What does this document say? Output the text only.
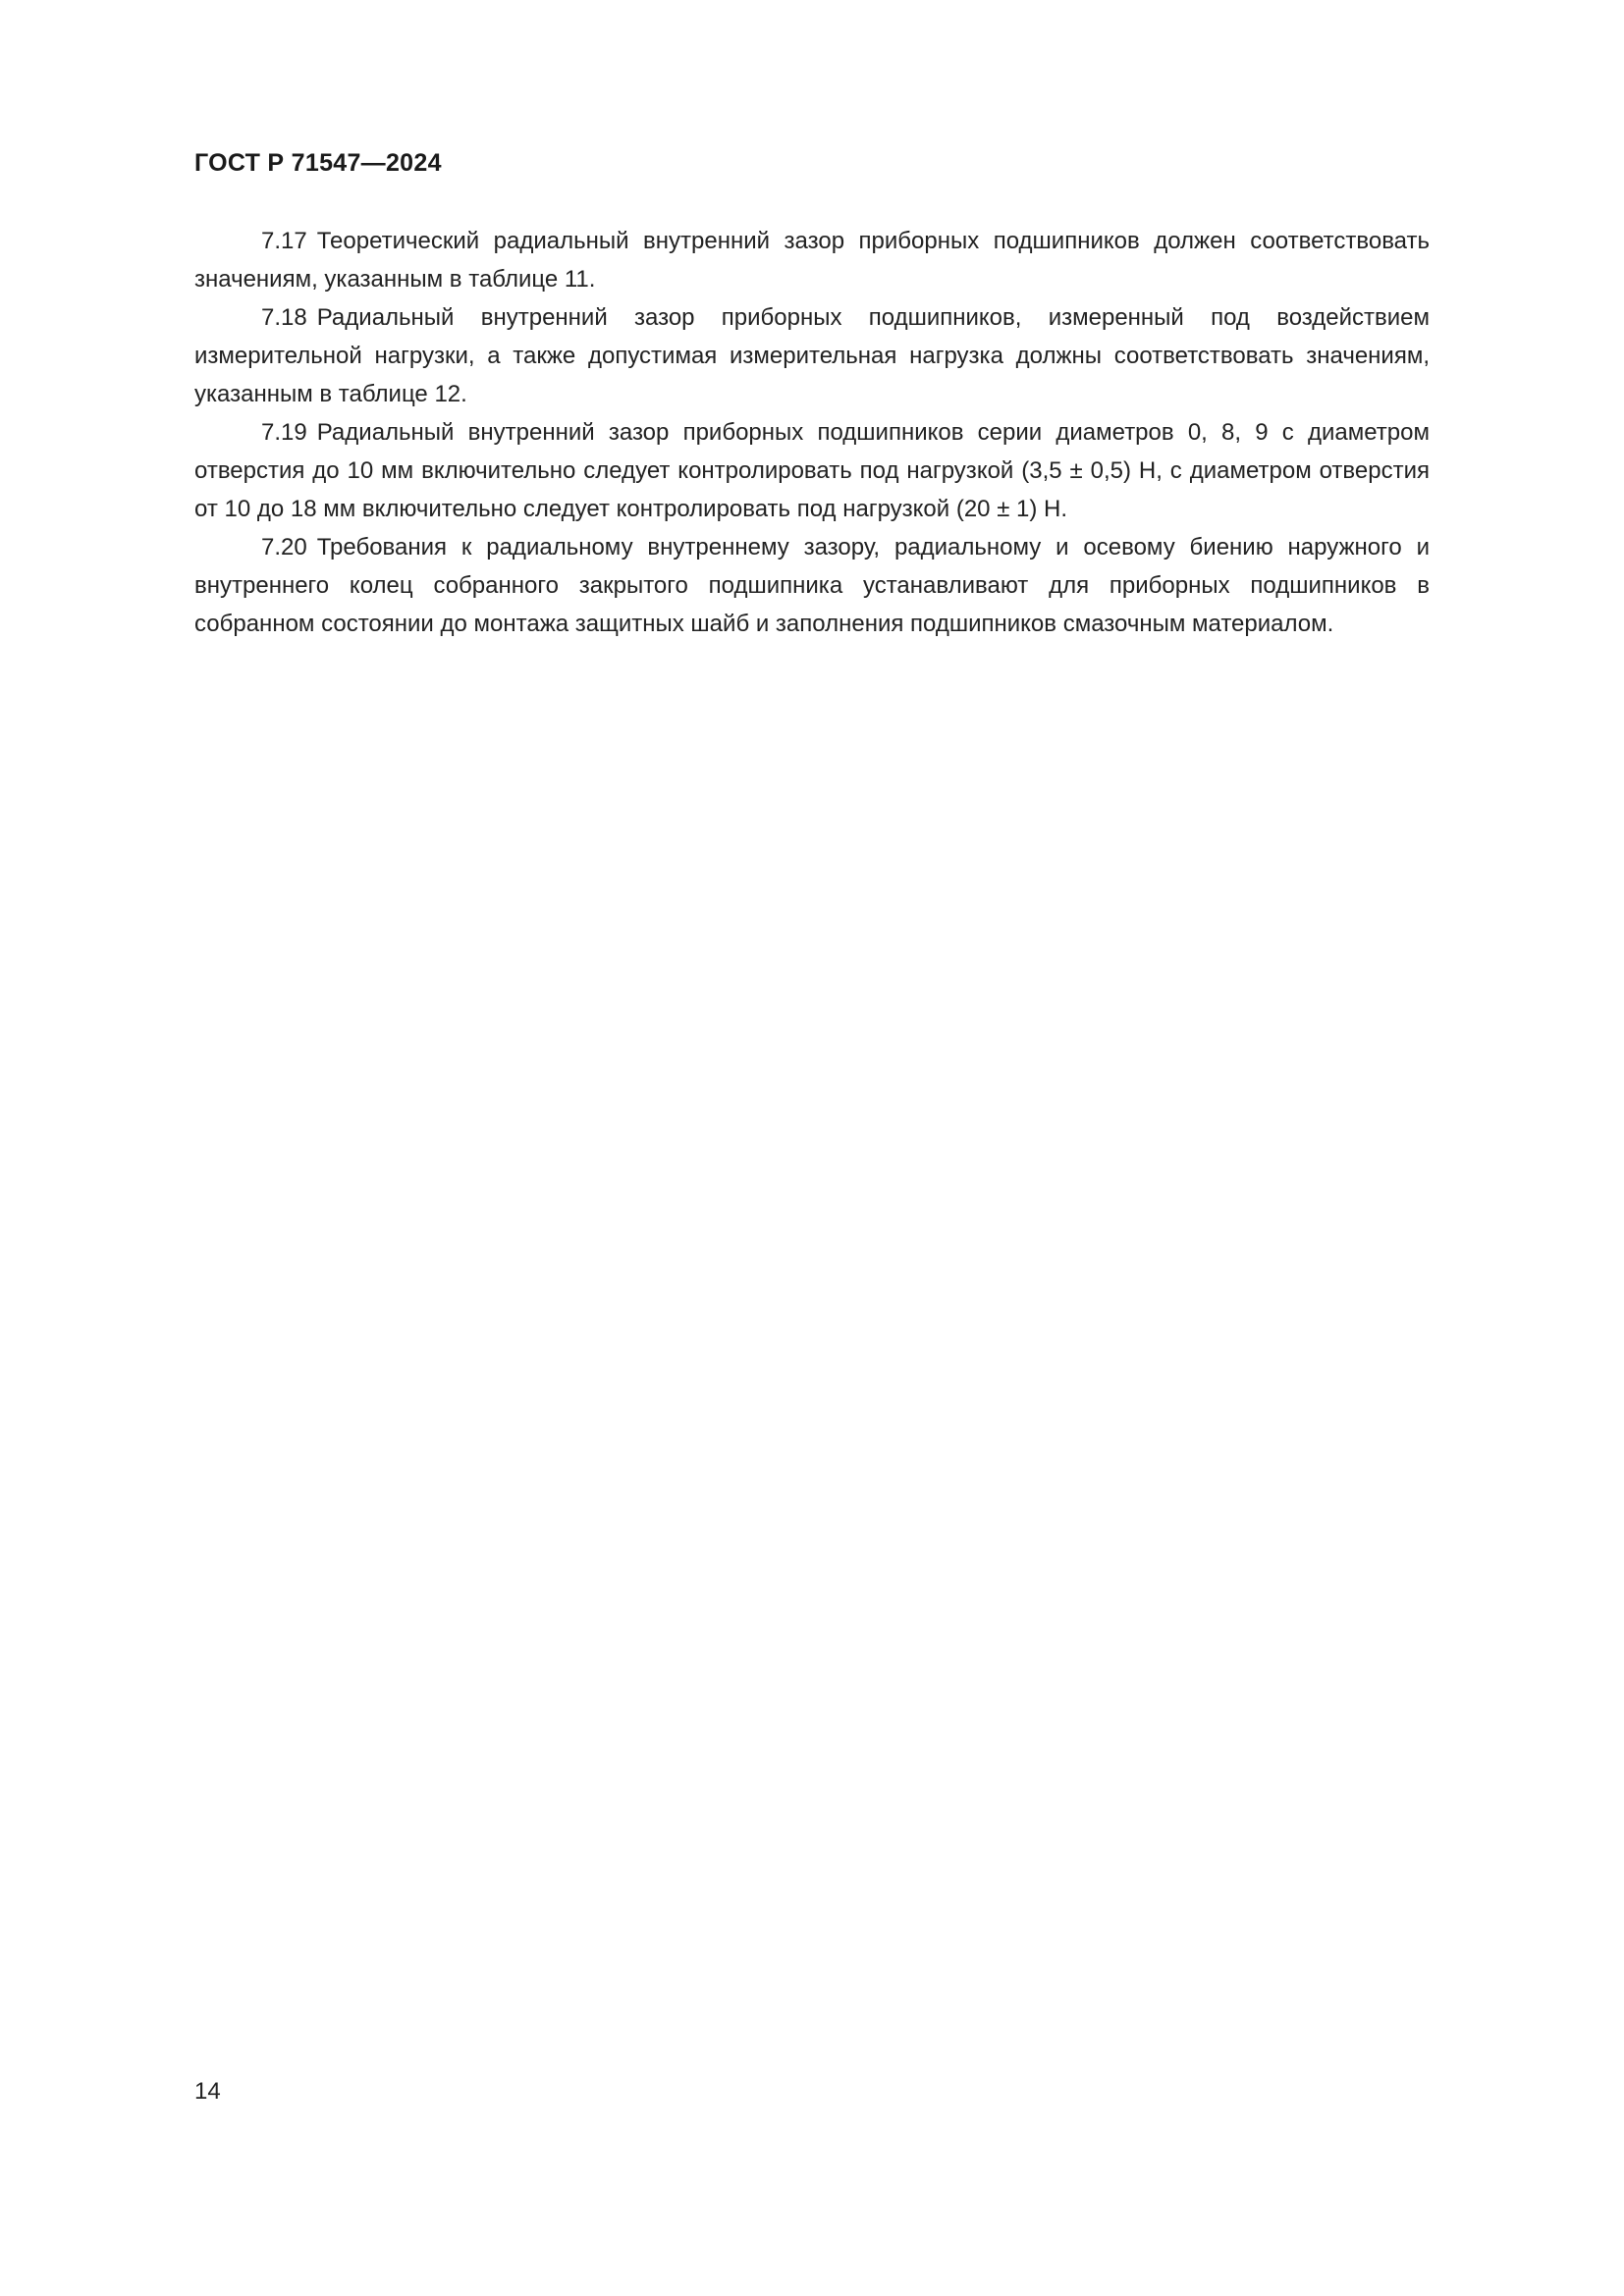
ГОСТ Р 71547—2024

7.17 Теоретический радиальный внутренний зазор приборных подшипников должен соответствовать значениям, указанным в таблице 11.

7.18 Радиальный внутренний зазор приборных подшипников, измеренный под воздействием измерительной нагрузки, а также допустимая измерительная нагрузка должны соответствовать значениям, указанным в таблице 12.

7.19 Радиальный внутренний зазор приборных подшипников серии диаметров 0, 8, 9 с диаметром отверстия до 10 мм включительно следует контролировать под нагрузкой (3,5 ± 0,5) Н, с диаметром отверстия от 10 до 18 мм включительно следует контролировать под нагрузкой (20 ± 1) Н.

7.20 Требования к радиальному внутреннему зазору, радиальному и осевому биению наружного и внутреннего колец собранного закрытого подшипника устанавливают для приборных подшипников в собранном состоянии до монтажа защитных шайб и заполнения подшипников смазочным материалом.

14
